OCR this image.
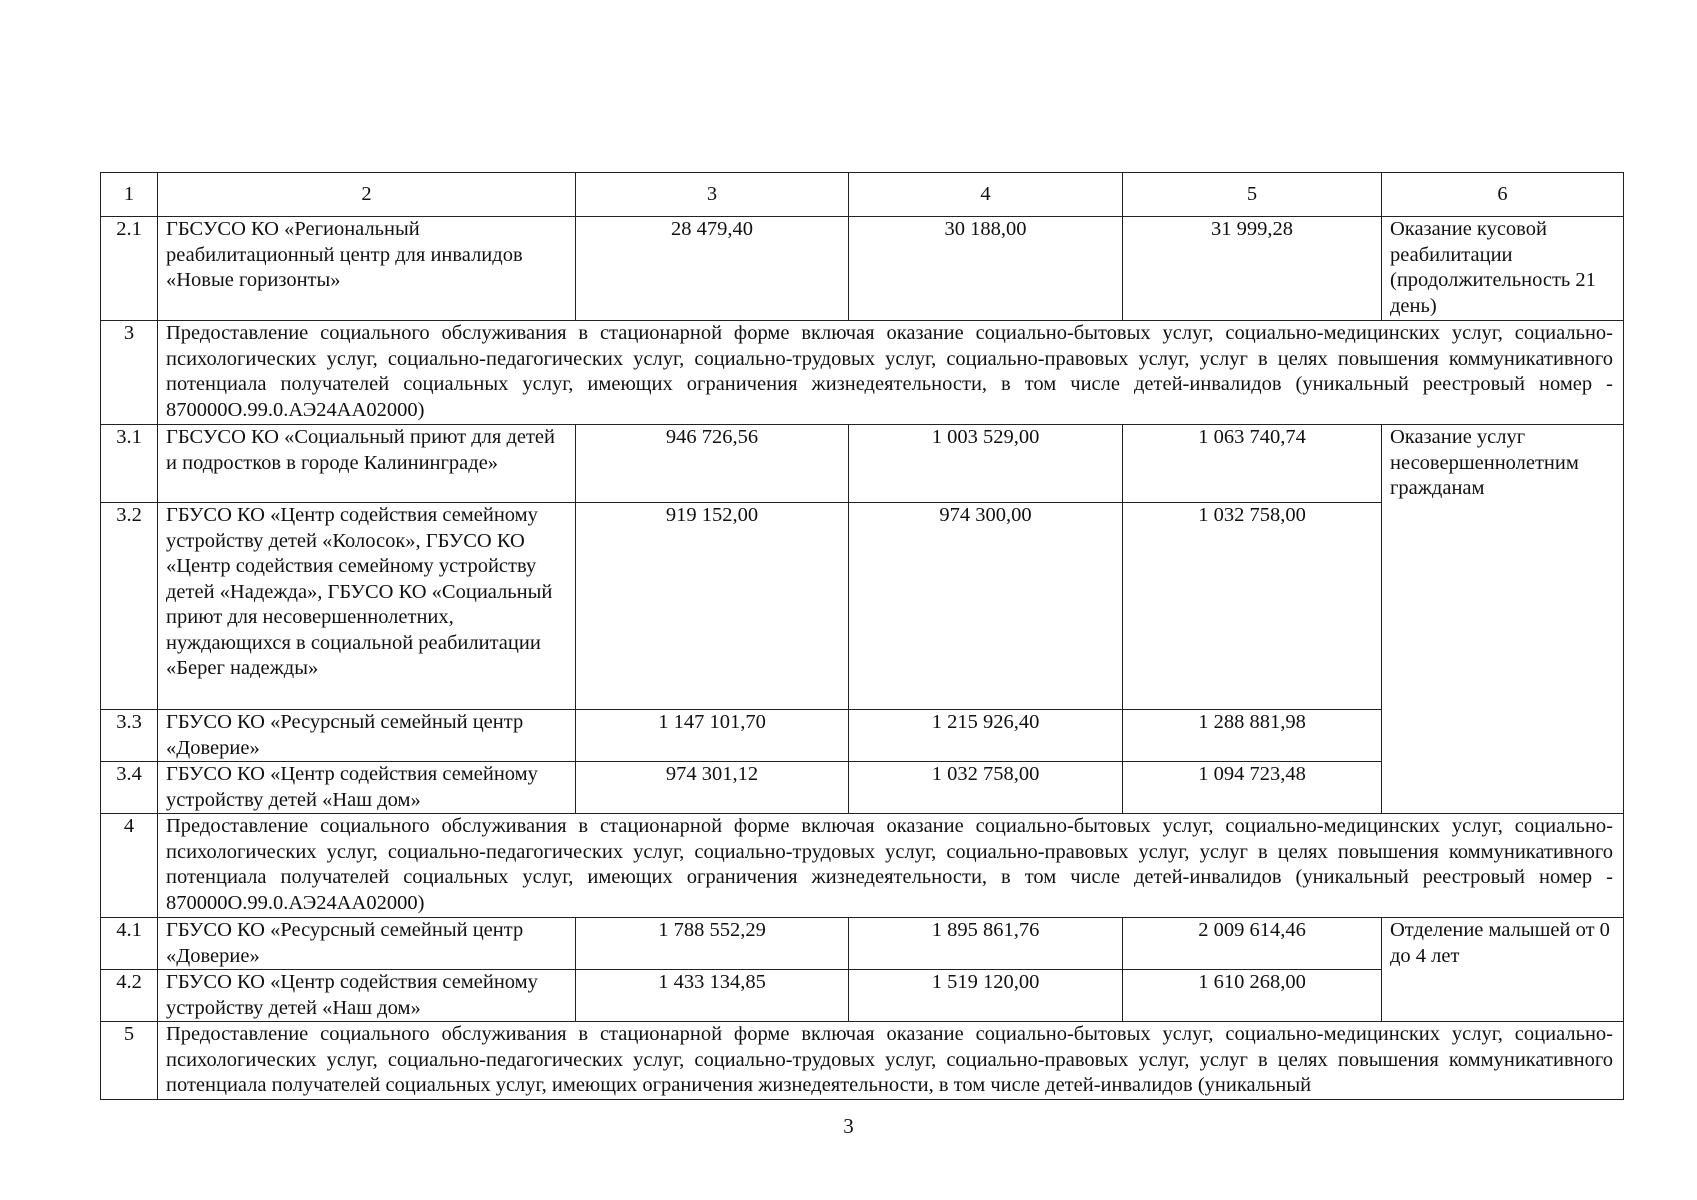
1	2	3	4	5	6
2.1	ГБСУСО КО «Региональный реабилитационный центр для инвалидов «Новые горизонты»	28 479,40	30 188,00	31 999,28	Оказание кусовой реабилитации (продолжительность 21 день)
3	Предоставление социального обслуживания в стационарной форме включая оказание социально-бытовых услуг, социально-медицинских услуг, социально-психологических услуг, социально-педагогических услуг, социально-трудовых услуг, социально-правовых услуг, услуг в целях повышения коммуникативного потенциала получателей социальных услуг, имеющих ограничения жизнедеятельности, в том числе детей-инвалидов (уникальный реестровый номер - 870000О.99.0.АЭ24АА02000)				
3.1	ГБСУСО КО «Социальный приют для детей и подростков в городе Калининграде»	946 726,56	1 003 529,00	1 063 740,74	Оказание услуг несовершеннолетним гражданам
3.2	ГБУСО КО «Центр содействия семейному устройству детей «Колосок», ГБУСО КО «Центр содействия семейному устройству детей «Надежда», ГБУСО КО «Социальный приют для несовершеннолетних, нуждающихся в социальной реабилитации «Берег надежды»	919 152,00	974 300,00	1 032 758,00	
3.3	ГБУСО КО «Ресурсный семейный центр «Доверие»	1 147 101,70	1 215 926,40	1 288 881,98	
3.4	ГБУСО КО «Центр содействия семейному устройству детей «Наш дом»	974 301,12	1 032 758,00	1 094 723,48	
4	Предоставление социального обслуживания в стационарной форме включая оказание социально-бытовых услуг, социально-медицинских услуг, социально-психологических услуг, социально-педагогических услуг, социально-трудовых услуг, социально-правовых услуг, услуг в целях повышения коммуникативного потенциала получателей социальных услуг, имеющих ограничения жизнедеятельности, в том числе детей-инвалидов (уникальный реестровый номер - 870000О.99.0.АЭ24АА02000)				
4.1	ГБУСО КО «Ресурсный семейный центр «Доверие»	1 788 552,29	1 895 861,76	2 009 614,46	Отделение малышей от 0 до 4 лет
4.2	ГБУСО КО «Центр содействия семейному устройству детей «Наш дом»	1 433 134,85	1 519 120,00	1 610 268,00	
5	Предоставление социального обслуживания в стационарной форме включая оказание социально-бытовых услуг, социально-медицинских услуг, социально-психологических услуг, социально-педагогических услуг, социально-трудовых услуг, социально-правовых услуг, услуг в целях повышения коммуникативного потенциала получателей социальных услуг, имеющих ограничения жизнедеятельности, в том числе детей-инвалидов (уникальный				
3
